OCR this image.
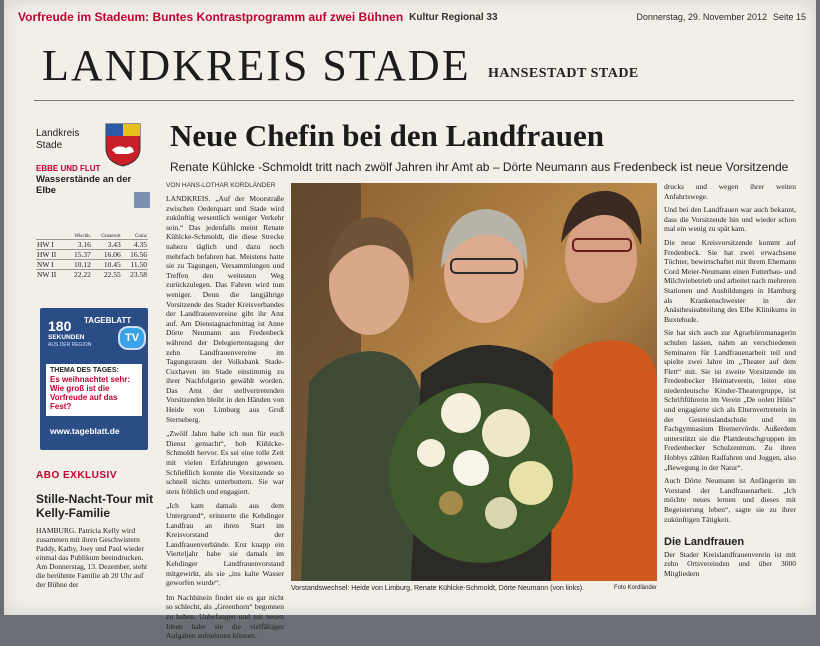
Vorfreude im Stadeum: Buntes Kontrastprogramm auf zwei Bühnen Kultur Regional 33	Donnerstag, 29. November 2012 Seite 15
LANDKREIS STADE HANSESTADT STADE
Landkreis Stade
EBBE UND FLUT
Wasserstände an der Elbe
	Wischh.	Grauerort	Cranz
HW I	3.16	3.43	4.35
HW II	15.37	16.06	16.56
NW I	10.12	10.45	11.50
NW II	22.22	22.55	23.58
180 TAGEBLATT
SEKUNDEN
AUS DER REGION
TV
THEMA DES TAGES:
Es weihnachtet sehr: Wie groß ist die Vorfreude auf das Fest?
www.tageblatt.de
ABO EXKLUSIV
Stille-Nacht-Tour mit Kelly-Familie
HAMBURG. Patricia Kelly wird zusammen mit ihren Geschwistern Paddy, Kathy, Joey und Paul wieder einmal das Publikum beeindrucken. Am Donnerstag, 13. Dezember, steht die berühmte Familie ab 20 Uhr auf der Bühne der
Neue Chefin bei den Landfrauen
Renate Kühlcke -Schmoldt tritt nach zwölf Jahren ihr Amt ab – Dörte Neumann aus Fredenbeck ist neue Vorsitzende
VON HANS-LOTHAR KORDLÄNDER

LANDKREIS. „Auf der Moorstraße zwischen Oederquart und Stade wird zukünftig wesentlich weniger Verkehr sein.“ Das jedenfalls meint Renate Kühlcke-Schmoldt, die diese Strecke nahezu täglich und dazu noch mehrfach befahren hat. Meistens hatte sie zu Tagungen, Versammlungen und Treffen den weitesten Weg zurückzulegen. Das Fahren wird nun weniger. Denn die langjährige Vorsitzende des Stader Kreisverbandes der Landfrauenvereine gibt ihr Amt auf. Am Dienstagnachmittag ist Anne Dörte Neumann aus Fredenbeck während der Delegiertentagung der zehn Landfrauenvereine im Tagungsraum der Volksbank Stade-Cuxhaven im Stade einstimmig zu ihrer Nachfolgerin gewählt worden. Das Amt der stellvertretenden Vorsitzenden bleibt in den Händen von Heide von Limburg aus Groß Sterneberg.

„Zwölf Jahre habe ich nun für euch Dienst gemacht“, hob Kühlcke-Schmoldt hervor. Es sei eine tolle Zeit mit vielen Erfahrungen gewesen. Schließlich konnte die Vorsitzende so schnell nichts unterbuttern. Sie war stets fröhlich und engagiert.

„Ich kam damals aus dem Untergrund“, erinnerte die Kehdinger Landfrau an ihren Start im Kreisvorstand der Landfrauenverbände. Erst knapp ein Vierteljahr habe sie damals im Kehdinger Landfrauenvorstand mitgewirkt, als sie „ins kalte Wasser geworfen wurde“.

Im Nachhinein findet sie es gar nicht so schlecht, als „Greenhorn“ begonnen zu haben. Unbefangen und mit neuen Ideen habe sie die vielfältigen Aufgaben aufnehmen können.

Vorstandswechsel: Heide von Limburg, Renate Kühlcke-Schmoldt, Dörte Neumann (von links).	Foto Kordländer

drucks und wegen ihrer weiten Anfahrtswege.

Und bei den Landfrauen war auch bekannt, dass die Vorsitzende hin und wieder schon mal ein wenig zu spät kam.

Die neue Kreisvorsitzende kommt auf Fredenbeck. Sie hat zwei erwachsene Töchter, bewirtschaftet mit ihrem Ehemann Cord Meier-Neumann einen Futterbau- und Milchviebetrieb und arbeitet nach mehreren Stationen und Ausbildungen in Hamburg als Krankenschwester in der Anästhesieabteilung des Elbe Klinikums in Buxtehude.

Sie hat sich auch zur Agrarbüromanagerin schulen lassen, nahm an verschiedenen Seminaren für Landfrauenarbeit teil und spielte zwei Jahre im „Theater auf dem Flett“ mit. Sie ist zweite Vorsitzende im Fredenbecker Heimatverein, leitet eine niederdeutsche Kinder-Theatergruppe, ist Schriftführerin im Verein „De oolen Hüüs“ und engagierte sich als Elternvertreterin in der Gesteinslandschule und im Fachgymnasium Bremervörde. Außerdem unterstützt sie die Plattdeutschgruppen im Fredenbecker Schulzentrum. Zu ihren Hobbys zählen Radfahren und Joggen, also „Bewegung in der Natur“.

Auch Dörte Neumann ist Anfängerin im Vorstand der Landfrauenarbeit. „Ich möchte neues lernen und dieses mit Begeisterung leben“, sagte sie zu ihrer zukünftigen Tätigkeit.

Die Landfrauen

Der Stader Kreislandfrauenverein ist mit zehn Ortsvereinden und über 3000 Mitgliedern
